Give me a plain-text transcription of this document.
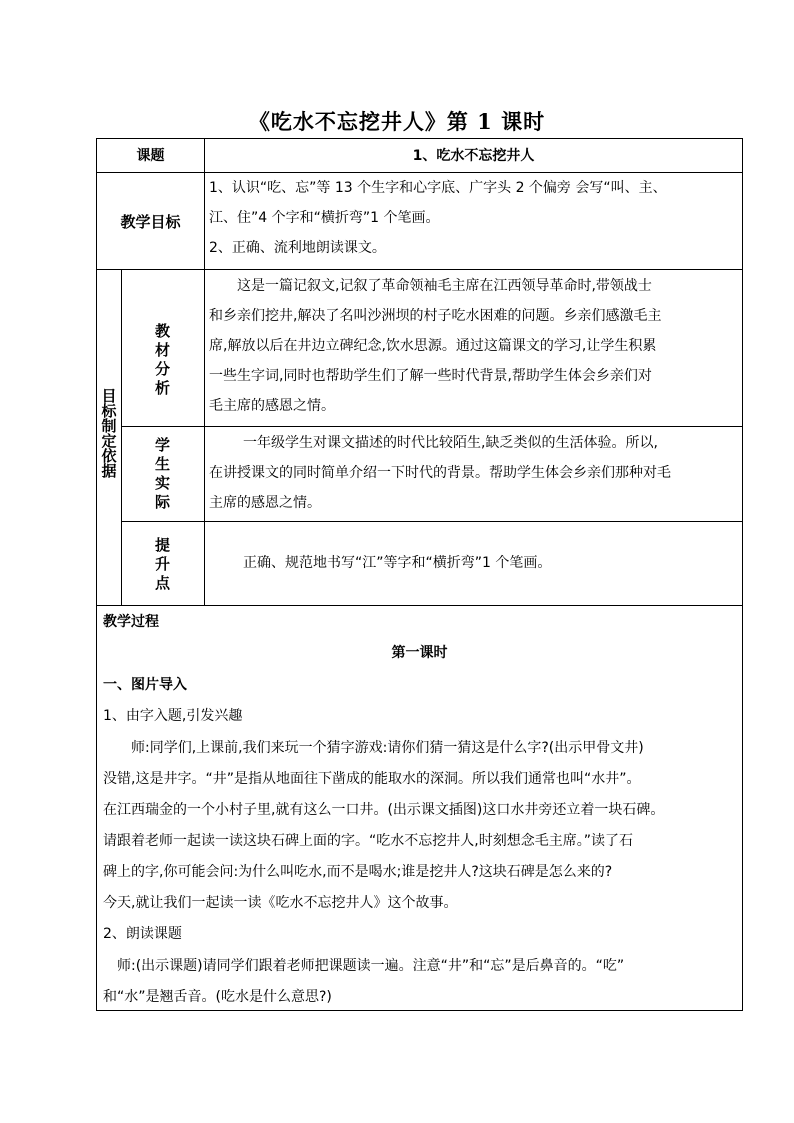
《吃水不忘挖井人》第 1 课时
课题	1、吃水不忘挖井人
教学目标
1、认识“吃、忘”等 13 个生字和心字底、广字头 2 个偏旁 会写“叫、主、
江、住”4 个字和“横折弯”1 个笔画。
2、正确、流利地朗读课文。
目
标
制
定
依
据
教
材
分
析
这是一篇记叙文,记叙了革命领袖毛主席在江西领导革命时,带领战士
和乡亲们挖井,解决了名叫沙洲坝的村子吃水困难的问题。乡亲们感激毛主
席,解放以后在井边立碑纪念,饮水思源。通过这篇课文的学习,让学生积累
一些生字词,同时也帮助学生们了解一些时代背景,帮助学生体会乡亲们对
毛主席的感恩之情。
学
生
实
际
一年级学生对课文描述的时代比较陌生,缺乏类似的生活体验。所以,
在讲授课文的同时简单介绍一下时代的背景。帮助学生体会乡亲们那种对毛
主席的感恩之情。
提
升
点
正确、规范地书写“江”等字和“横折弯”1 个笔画。
教学过程
第一课时
一、图片导入
1、由字入题,引发兴趣
师:同学们,上课前,我们来玩一个猜字游戏:请你们猜一猜这是什么字?(出示甲骨文井)
没错,这是井字。“井”是指从地面往下凿成的能取水的深洞。所以我们通常也叫“水井”。
在江西瑞金的一个小村子里,就有这么一口井。(出示课文插图)这口水井旁还立着一块石碑。
请跟着老师一起读一读这块石碑上面的字。“吃水不忘挖井人,时刻想念毛主席。”读了石
碑上的字,你可能会问:为什么叫吃水,而不是喝水;谁是挖井人?这块石碑是怎么来的?
今天,就让我们一起读一读《吃水不忘挖井人》这个故事。
2、朗读课题
师:(出示课题)请同学们跟着老师把课题读一遍。注意“井”和“忘”是后鼻音的。“吃”
和“水”是翘舌音。(吃水是什么意思?)
